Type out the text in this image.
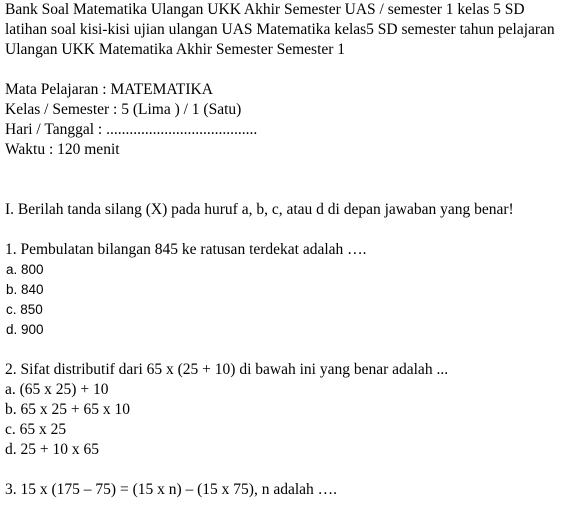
Bank Soal Matematika Ulangan UKK Akhir Semester UAS / semester 1 kelas 5 SD
latihan soal kisi-kisi ujian ulangan UAS Matematika kelas5 SD semester tahun pelajaran
Ulangan UKK Matematika Akhir Semester Semester 1
Mata Pelajaran : MATEMATIKA
Kelas / Semester : 5 (Lima ) / 1 (Satu)
Hari / Tanggal : .......................................
Waktu : 120 menit
I. Berilah tanda silang (X) pada huruf a, b, c, atau d di depan jawaban yang benar!
1. Pembulatan bilangan 845 ke ratusan terdekat adalah ….
a. 800
b. 840
c. 850
d. 900
2. Sifat distributif dari 65 x (25 + 10) di bawah ini yang benar adalah ...
a. (65 x 25) + 10
b. 65 x 25 + 65 x 10
c. 65 x 25
d. 25 + 10 x 65
3. 15 x (175 – 75) = (15 x n) – (15 x 75), n adalah ….
